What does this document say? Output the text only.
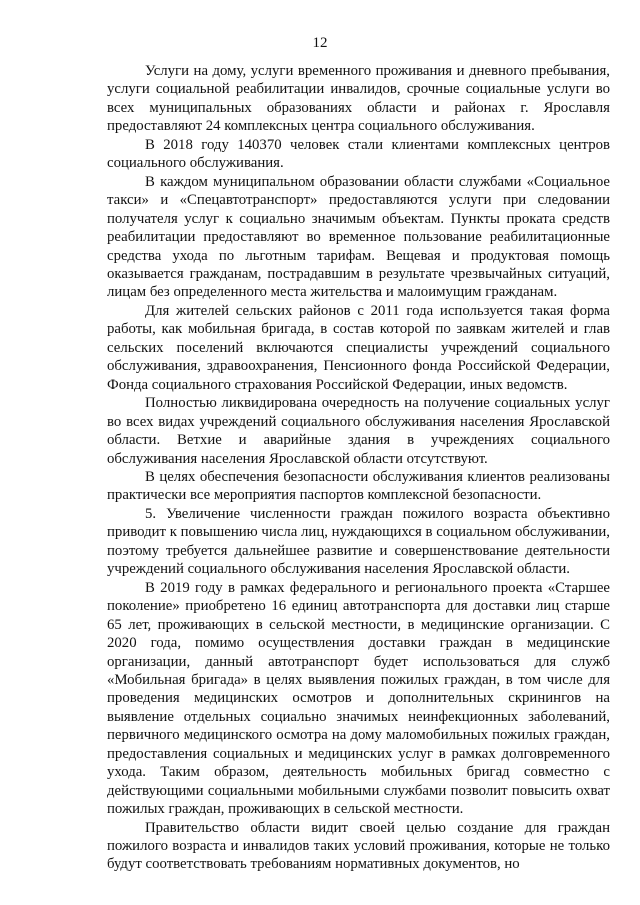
12

Услуги на дому, услуги временного проживания и дневного пребывания, услуги социальной реабилитации инвалидов, срочные социальные услуги во всех муниципальных образованиях области и районах г. Ярославля предоставляют 24 комплексных центра социального обслуживания.

В 2018 году 140370 человек стали клиентами комплексных центров социального обслуживания.

В каждом муниципальном образовании области службами «Социальное такси» и «Спецавтотранспорт» предоставляются услуги при следовании получателя услуг к социально значимым объектам. Пункты проката средств реабилитации предоставляют во временное пользование реабилитационные средства ухода по льготным тарифам. Вещевая и продуктовая помощь оказывается гражданам, пострадавшим в результате чрезвычайных ситуаций, лицам без определенного места жительства и малоимущим гражданам.

Для жителей сельских районов с 2011 года используется такая форма работы, как мобильная бригада, в состав которой по заявкам жителей и глав сельских поселений включаются специалисты учреждений социального обслуживания, здравоохранения, Пенсионного фонда Российской Федерации, Фонда социального страхования Российской Федерации, иных ведомств.

Полностью ликвидирована очередность на получение социальных услуг во всех видах учреждений социального обслуживания населения Ярославской области. Ветхие и аварийные здания в учреждениях социального обслуживания населения Ярославской области отсутствуют.

В целях обеспечения безопасности обслуживания клиентов реализованы практически все мероприятия паспортов комплексной безопасности.

5. Увеличение численности граждан пожилого возраста объективно приводит к повышению числа лиц, нуждающихся в социальном обслуживании, поэтому требуется дальнейшее развитие и совершенствование деятельности учреждений социального обслуживания населения Ярославской области.

В 2019 году в рамках федерального и регионального проекта «Старшее поколение» приобретено 16 единиц автотранспорта для доставки лиц старше 65 лет, проживающих в сельской местности, в медицинские организации. С 2020 года, помимо осуществления доставки граждан в медицинские организации, данный автотранспорт будет использоваться для служб «Мобильная бригада» в целях выявления пожилых граждан, в том числе для проведения медицинских осмотров и дополнительных скринингов на выявление отдельных социально значимых неинфекционных заболеваний, первичного медицинского осмотра на дому маломобильных пожилых граждан, предоставления социальных и медицинских услуг в рамках долговременного ухода. Таким образом, деятельность мобильных бригад совместно с действующими социальными мобильными службами позволит повысить охват пожилых граждан, проживающих в сельской местности.

Правительство области видит своей целью создание для граждан пожилого возраста и инвалидов таких условий проживания, которые не только будут соответствовать требованиям нормативных документов, но
